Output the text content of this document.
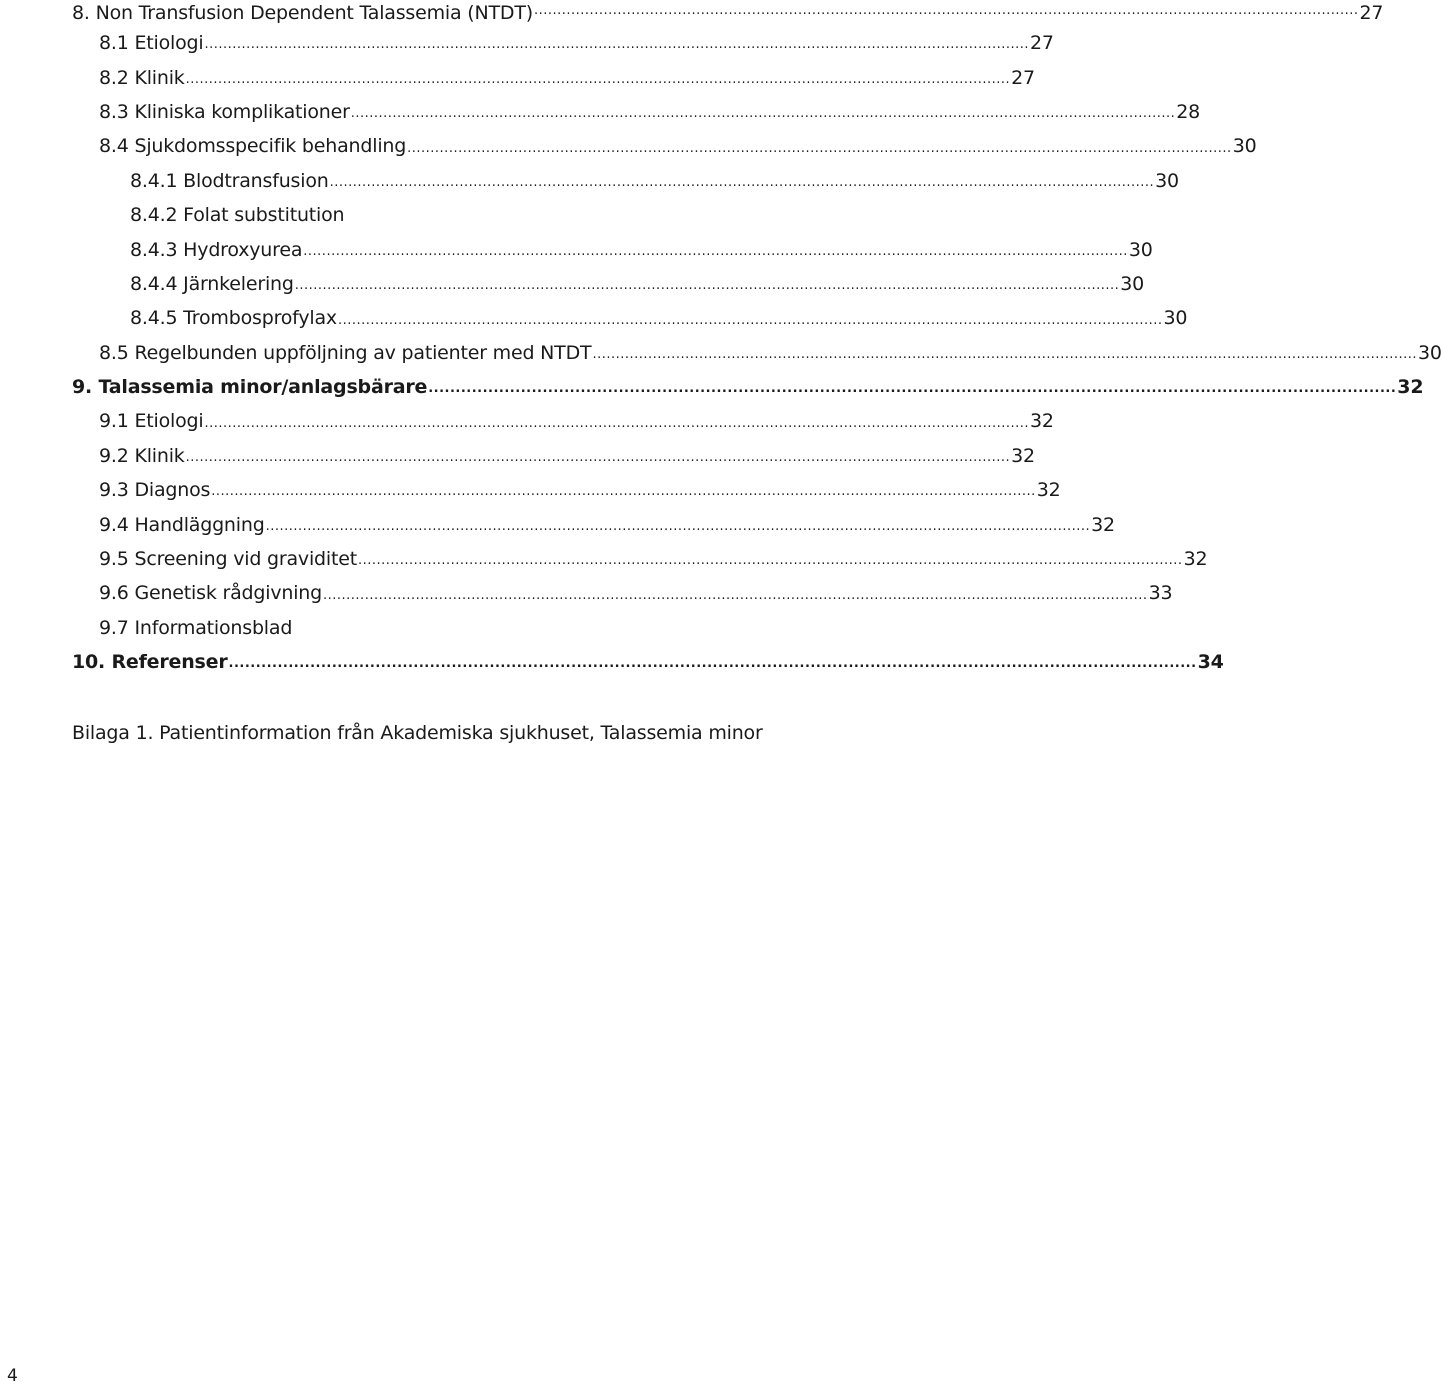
8. Non Transfusion Dependent Talassemia (NTDT) .................................................................................................................................................................................. 27
8.1 Etiologi .................................................................................................................................................................................. 27
8.2 Klinik .................................................................................................................................................................................. 27
8.3 Kliniska komplikationer .................................................................................................................................................................................. 28
8.4 Sjukdomsspecifik behandling .................................................................................................................................................................................. 30
8.4.1 Blodtransfusion .................................................................................................................................................................................. 30
8.4.2 Folat substitution
8.4.3 Hydroxyurea .................................................................................................................................................................................. 30
8.4.4 Järnkelering .................................................................................................................................................................................. 30
8.4.5 Trombosprofylax .................................................................................................................................................................................. 30
8.5 Regelbunden uppföljning av patienter med NTDT .................................................................................................................................................................................. 30
9. Talassemia minor/anlagsbärare .................................................................................................................................................................................. 32
9.1 Etiologi .................................................................................................................................................................................. 32
9.2 Klinik .................................................................................................................................................................................. 32
9.3 Diagnos .................................................................................................................................................................................. 32
9.4 Handläggning .................................................................................................................................................................................. 32
9.5 Screening vid graviditet .................................................................................................................................................................................. 32
9.6 Genetisk rådgivning .................................................................................................................................................................................. 33
9.7 Informationsblad
10. Referenser .................................................................................................................................................................................. 34
Bilaga 1. Patientinformation från Akademiska sjukhuset, Talassemia minor
4
